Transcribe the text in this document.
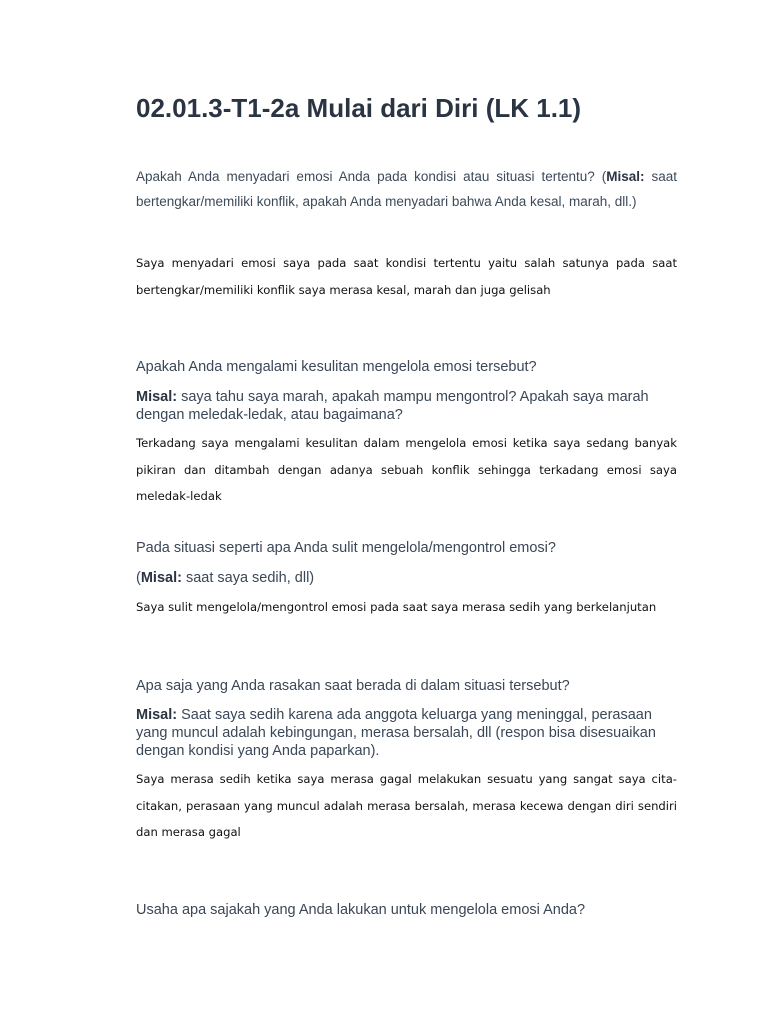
02.01.3-T1-2a Mulai dari Diri (LK 1.1)

Apakah Anda menyadari emosi Anda pada kondisi atau situasi tertentu? (Misal: saat bertengkar/memiliki konflik, apakah Anda menyadari bahwa Anda kesal, marah, dll.)

Saya menyadari emosi saya pada saat kondisi tertentu yaitu salah satunya pada saat bertengkar/memiliki konflik saya merasa kesal, marah dan juga gelisah

Apakah Anda mengalami kesulitan mengelola emosi tersebut?

Misal: saya tahu saya marah, apakah mampu mengontrol? Apakah saya marah dengan meledak-ledak, atau bagaimana?

Terkadang saya mengalami kesulitan dalam mengelola emosi ketika saya sedang banyak pikiran dan ditambah dengan adanya sebuah konflik sehingga terkadang emosi saya meledak-ledak

Pada situasi seperti apa Anda sulit mengelola/mengontrol emosi?

(Misal: saat saya sedih, dll)

Saya sulit mengelola/mengontrol emosi pada saat saya merasa sedih yang berkelanjutan

Apa saja yang Anda rasakan saat berada di dalam situasi tersebut?

Misal: Saat saya sedih karena ada anggota keluarga yang meninggal, perasaan yang muncul adalah kebingungan, merasa bersalah, dll (respon bisa disesuaikan dengan kondisi yang Anda paparkan).

Saya merasa sedih ketika saya merasa gagal melakukan sesuatu yang sangat saya cita-citakan, perasaan yang muncul adalah merasa bersalah, merasa kecewa dengan diri sendiri dan merasa gagal

Usaha apa sajakah yang Anda lakukan untuk mengelola emosi Anda?
